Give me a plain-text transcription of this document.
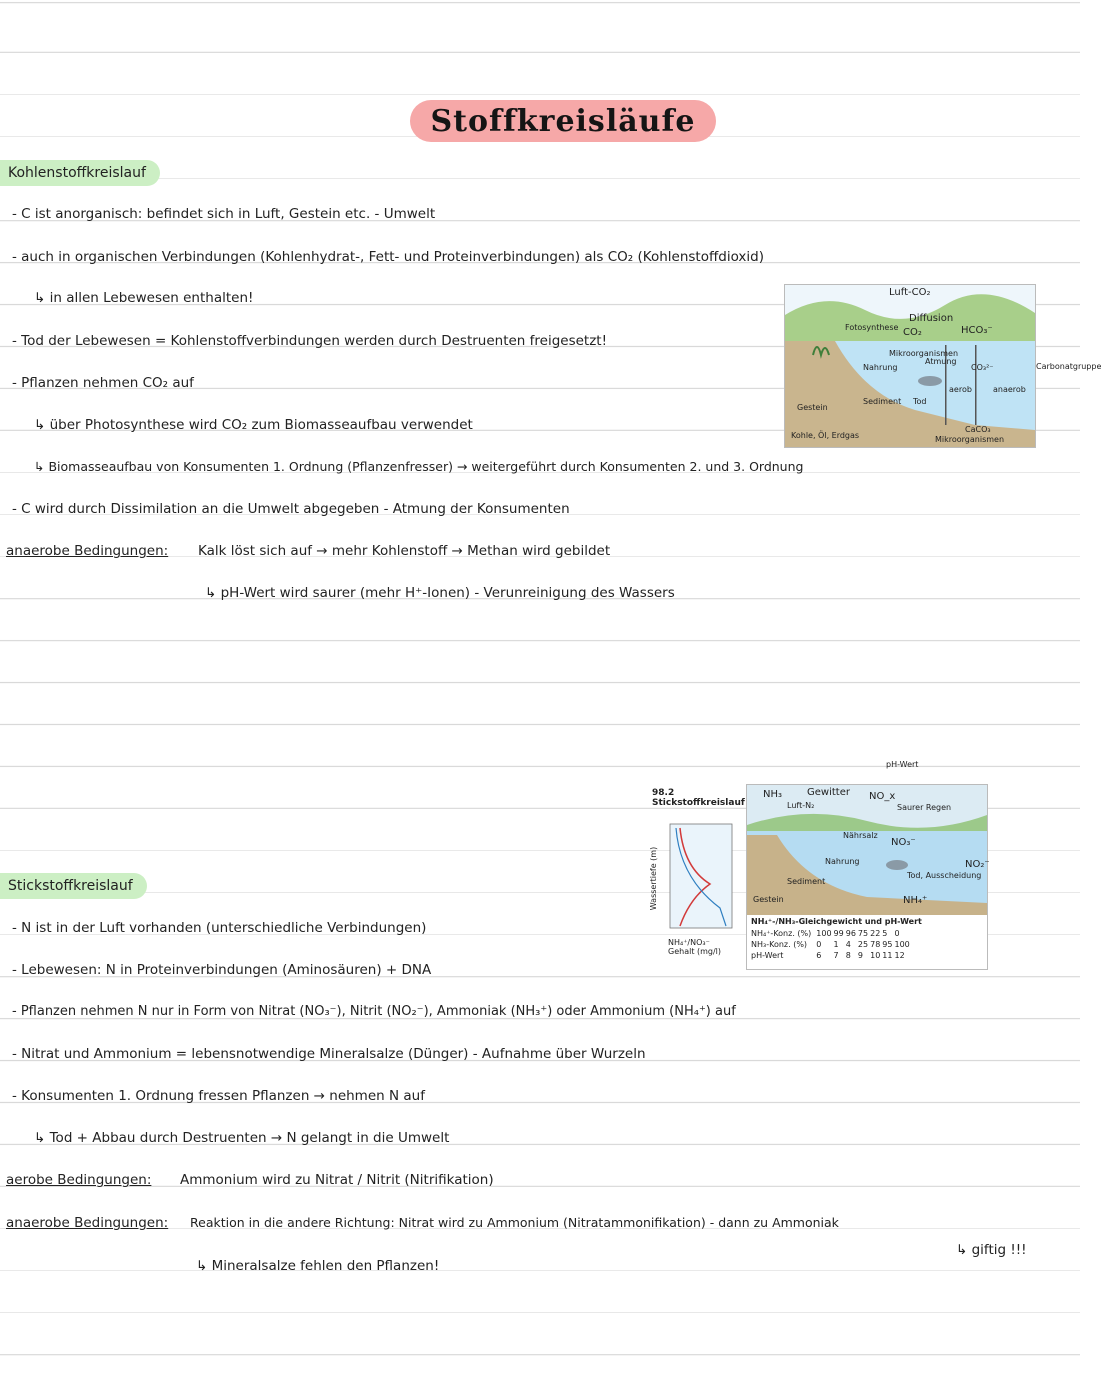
Stoffkreisläufe
Kohlenstoffkreislauf
- C ist anorganisch: befindet sich in Luft, Gestein etc. - Umwelt
- auch in organischen Verbindungen (Kohlenhydrat-, Fett- und Proteinverbindungen) als CO₂ (Kohlenstoffdioxid)
↳ in allen Lebewesen enthalten!
- Tod der Lebewesen = Kohlenstoffverbindungen werden durch Destruenten freigesetzt!
- Pflanzen nehmen CO₂ auf
↳ über Photosynthese wird CO₂ zum Biomasseaufbau verwendet
↳ Biomasseaufbau von Konsumenten 1. Ordnung (Pflanzenfresser) → weitergeführt durch Konsumenten 2. und 3. Ordnung
- C wird durch Dissimilation an die Umwelt abgegeben - Atmung der Konsumenten
anaerobe Bedingungen: Kalk löst sich auf → mehr Kohlenstoff → Methan wird gebildet
↳ pH-Wert wird saurer (mehr H⁺-Ionen) - Verunreinigung des Wassers
Luft-CO₂
Diffusion
Fotosynthese CO₂	HCO₃⁻
Mikroorganismen
Nahrung
Atmung
Tod
Gestein
Sediment
aerob	anaerob
CO₃²⁻
CaCO₃
Mikroorganismen
Kohle, Öl, Erdgas
Carbonatgruppe
98.2 Stickstoffkreislauf
Wassertiefe (m)
NH₄⁺/NO₃⁻ Gehalt (mg/l)
NH₃ Gewitter
Luft-N₂
NO_x
Saurer Regen
Nährsalz
NO₃⁻
Nahrung
Tod, Ausscheidung
NH₄⁺
Gestein
Sediment
NO₂⁻
NH₄⁺-/NH₃-Gleichgewicht und pH-Wert
NH₄⁺-Konz. (%)	100	99	96	75	22	5	0
NH₃-Konz. (%)	0	1	4	25	78	95	100
pH-Wert	6	7	8	9	10	11	12
pH-Wert
Stickstoffkreislauf
- N ist in der Luft vorhanden (unterschiedliche Verbindungen)
- Lebewesen: N in Proteinverbindungen (Aminosäuren) + DNA
- Pflanzen nehmen N nur in Form von Nitrat (NO₃⁻), Nitrit (NO₂⁻), Ammoniak (NH₃⁺) oder Ammonium (NH₄⁺) auf
- Nitrat und Ammonium = lebensnotwendige Mineralsalze (Dünger) - Aufnahme über Wurzeln
- Konsumenten 1. Ordnung fressen Pflanzen → nehmen N auf
↳ Tod + Abbau durch Destruenten → N gelangt in die Umwelt
aerobe Bedingungen: Ammonium wird zu Nitrat / Nitrit (Nitrifikation)
anaerobe Bedingungen: Reaktion in die andere Richtung: Nitrat wird zu Ammonium (Nitratammonifikation) - dann zu Ammoniak
↳ giftig !!!
↳ Mineralsalze fehlen den Pflanzen!
